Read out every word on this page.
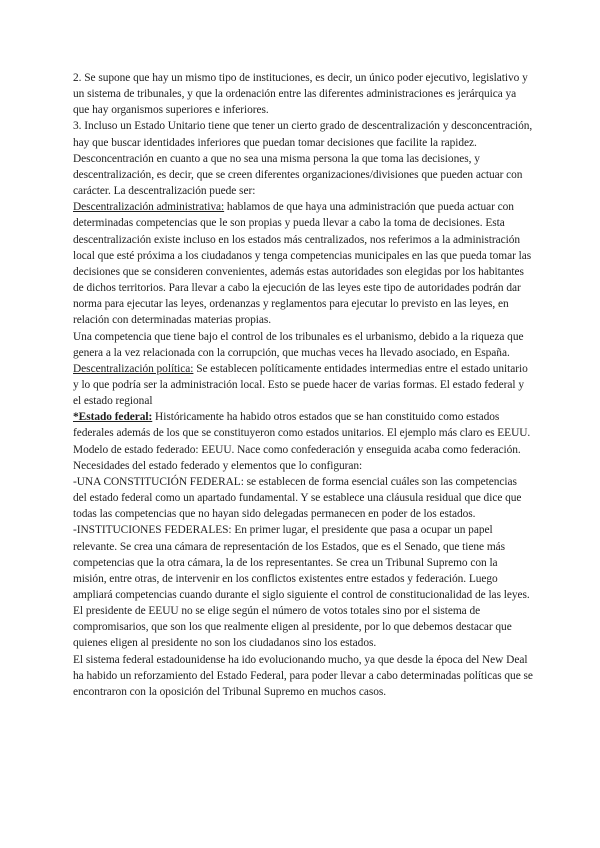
2. Se supone que hay un mismo tipo de instituciones, es decir, un único poder ejecutivo, legislativo y un sistema de tribunales, y que la ordenación entre las diferentes administraciones es jerárquica ya que hay organismos superiores e inferiores.

3. Incluso un Estado Unitario tiene que tener un cierto grado de descentralización y desconcentración, hay que buscar identidades inferiores que puedan tomar decisiones que facilite la rapidez. Desconcentración en cuanto a que no sea una misma persona la que toma las decisiones, y descentralización, es decir, que se creen diferentes organizaciones/divisiones que pueden actuar con carácter. La descentralización puede ser:

Descentralización administrativa: hablamos de que haya una administración que pueda actuar con determinadas competencias que le son propias y pueda llevar a cabo la toma de decisiones. Esta descentralización existe incluso en los estados más centralizados, nos referimos a la administración local que esté próxima a los ciudadanos y tenga competencias municipales en las que pueda tomar las decisiones que se consideren convenientes, además estas autoridades son elegidas por los habitantes de dichos territorios. Para llevar a cabo la ejecución de las leyes este tipo de autoridades podrán dar norma para ejecutar las leyes, ordenanzas y reglamentos para ejecutar lo previsto en las leyes, en relación con determinadas materias propias.

Una competencia que tiene bajo el control de los tribunales es el urbanismo, debido a la riqueza que genera a la vez relacionada con la corrupción, que muchas veces ha llevado asociado, en España.

Descentralización política: Se establecen políticamente entidades intermedias entre el estado unitario y lo que podría ser la administración local. Esto se puede hacer de varias formas. El estado federal y el estado regional

*Estado federal: Históricamente ha habido otros estados que se han constituido como estados federales además de los que se constituyeron como estados unitarios. El ejemplo más claro es EEUU. Modelo de estado federado: EEUU. Nace como confederación y enseguida acaba como federación. Necesidades del estado federado y elementos que lo configuran:

-UNA CONSTITUCIÓN FEDERAL: se establecen de forma esencial cuáles son las competencias del estado federal como un apartado fundamental. Y se establece una cláusula residual que dice que todas las competencias que no hayan sido delegadas permanecen en poder de los estados.

-INSTITUCIONES FEDERALES: En primer lugar, el presidente que pasa a ocupar un papel relevante. Se crea una cámara de representación de los Estados, que es el Senado, que tiene más competencias que la otra cámara, la de los representantes. Se crea un Tribunal Supremo con la misión, entre otras, de intervenir en los conflictos existentes entre estados y federación. Luego ampliará competencias cuando durante el siglo siguiente el control de constitucionalidad de las leyes. El presidente de EEUU no se elige según el número de votos totales sino por el sistema de compromisarios, que son los que realmente eligen al presidente, por lo que debemos destacar que quienes eligen al presidente no son los ciudadanos sino los estados.

El sistema federal estadounidense ha ido evolucionando mucho, ya que desde la época del New Deal ha habido un reforzamiento del Estado Federal, para poder llevar a cabo determinadas políticas que se encontraron con la oposición del Tribunal Supremo en muchos casos.
